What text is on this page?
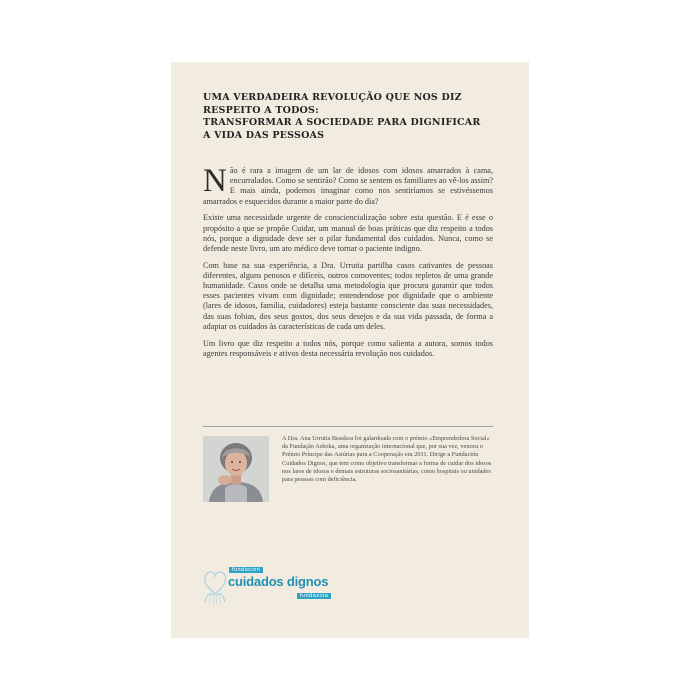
UMA VERDADEIRA REVOLUÇÃO QUE NOS DIZ
RESPEITO A TODOS:
TRANSFORMAR A SOCIEDADE PARA DIGNIFICAR
A VIDA DAS PESSOAS

Não é rara a imagem de um lar de idosos com idosos amarrados à cama, encurralados. Como se sentirão? Como se sentem os familiares ao vê-los assim? E mais ainda, podemos imaginar como nos sentiríamos se estivéssemos amarrados e esquecidos durante a maior parte do dia?

Existe uma necessidade urgente de consciencialização sobre esta questão. E é esse o propósito a que se propõe Cuidar, um manual de boas práticas que diz respeito a todos nós, porque a dignidade deve ser o pilar fundamental dos cuidados. Nunca, como se defende neste livro, um ato médico deve tornar o paciente indigno.

Com base na sua experiência, a Dra. Urrutia partilha casos cativantes de pessoas diferentes, alguns penosos e difíceis, outros comoventes; todos repletos de uma grande humanidade. Casos onde se detalha uma metodologia que procura garantir que todos esses pacientes vivam com dignidade; entendendose por dignidade que o ambiente (lares de idosos, família, cuidadores) esteja bastante consciente das suas necessidades, das suas fobias, dos seus gostos, dos seus desejos e da sua vida passada, de forma a adaptar os cuidados às características de cada um deles.

Um livro que diz respeito a todos nós, porque como salienta a autora, somos todos agentes responsáveis e ativos desta necessária revolução nos cuidados.

A Dra. Ana Urrutia Beaskoa foi galardoada com o prémio «Emprendedora Social» da Fundação Ashoka, uma organização internacional que, por sua vez, venceu o Prémio Príncipe das Astúrias para a Cooperação em 2011. Dirige a Fundación Cuidados Dignos, que tem como objetivo transformar a forma de cuidar dos idosos nos lares de idosos e demais estruturas sociosanitárias, como hospitais ou unidades para pessoas com deficiência.
fundacion
cuidados dignos
fundazioa
